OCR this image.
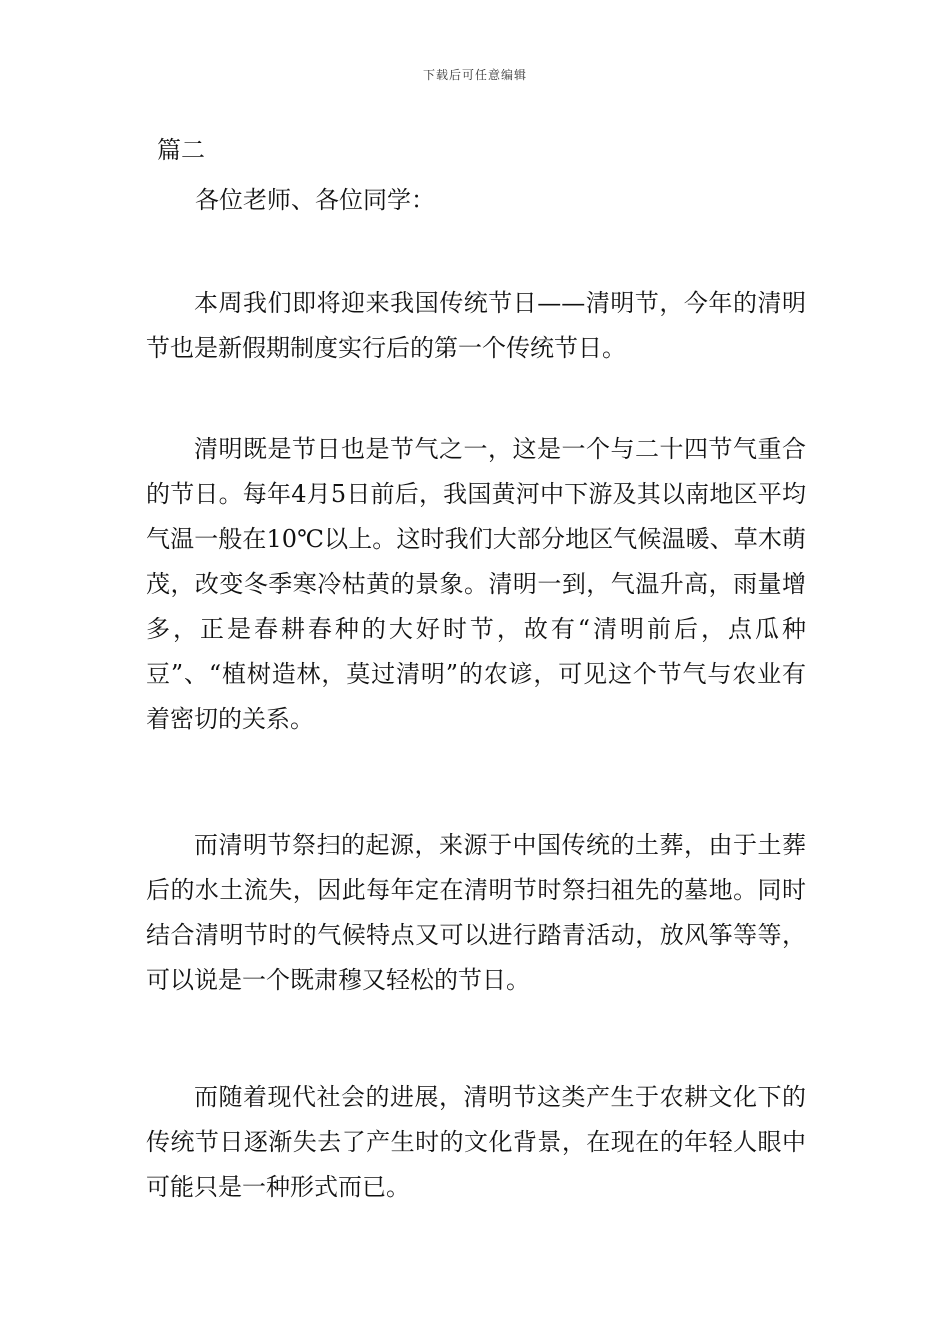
下载后可任意编辑
篇二
各位老师、各位同学：

本周我们即将迎来我国传统节日——清明节，今年的清明节也是新假期制度实行后的第一个传统节日。

清明既是节日也是节气之一，这是一个与二十四节气重合的节日。每年4月5日前后，我国黄河中下游及其以南地区平均气温一般在10℃以上。这时我们大部分地区气候温暖、草木萌茂，改变冬季寒冷枯黄的景象。清明一到，气温升高，雨量增多，正是春耕春种的大好时节，故有“清明前后，点瓜种豆”、“植树造林，莫过清明”的农谚，可见这个节气与农业有着密切的关系。

而清明节祭扫的起源，来源于中国传统的土葬，由于土葬后的水土流失，因此每年定在清明节时祭扫祖先的墓地。同时结合清明节时的气候特点又可以进行踏青活动，放风筝等等，可以说是一个既肃穆又轻松的节日。

而随着现代社会的进展，清明节这类产生于农耕文化下的传统节日逐渐失去了产生时的文化背景，在现在的年轻人眼中可能只是一种形式而已。
